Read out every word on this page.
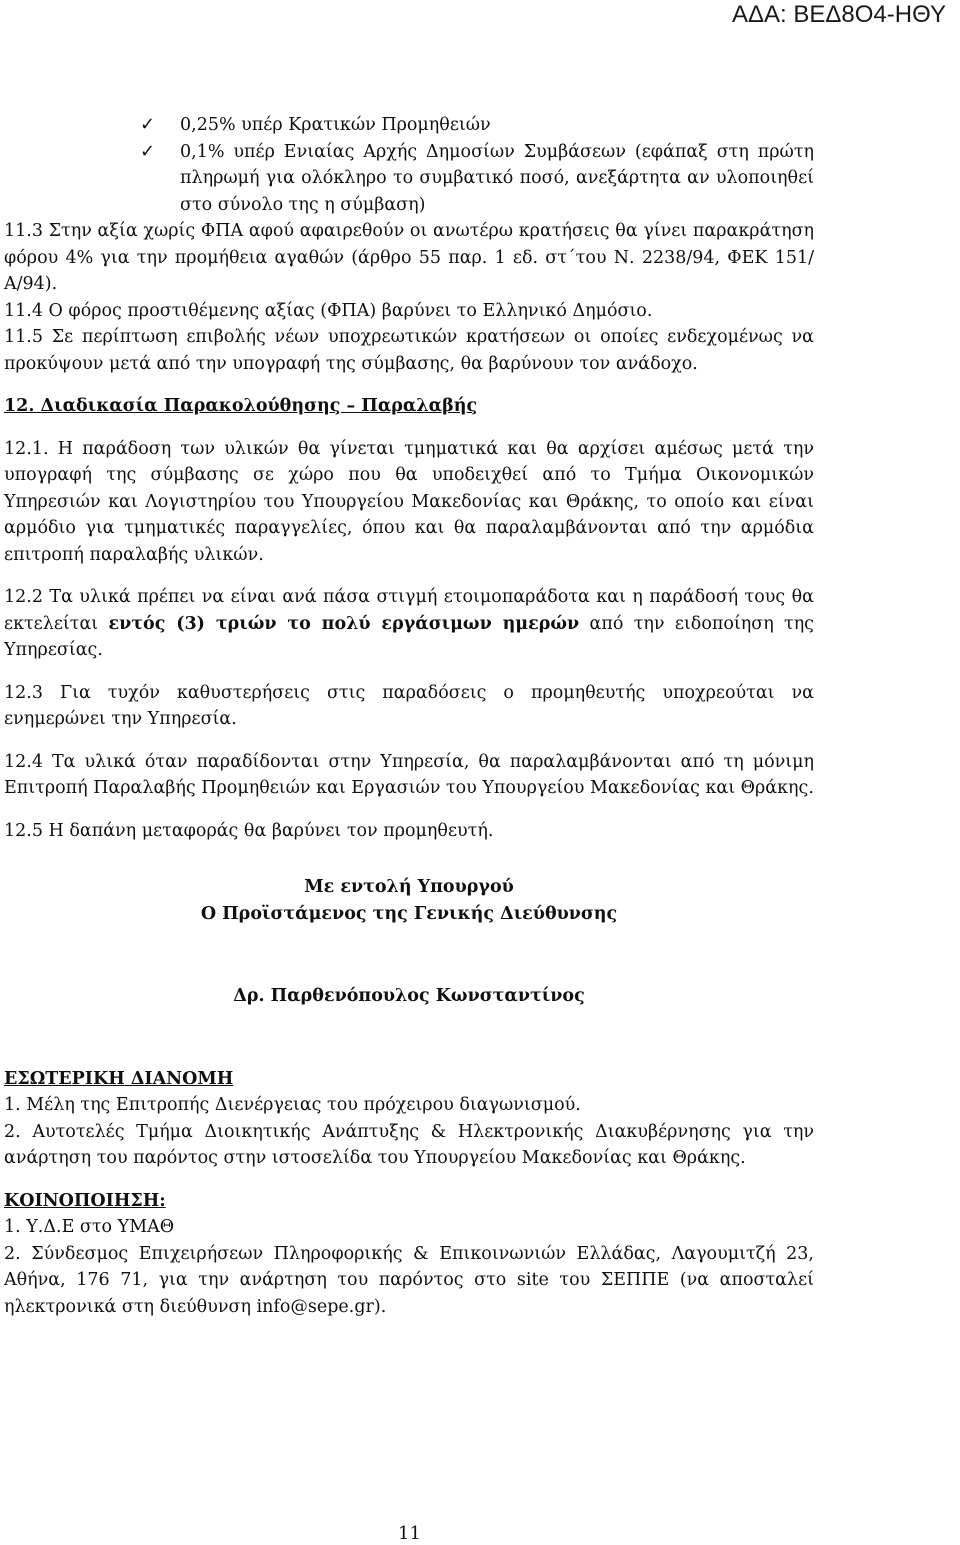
ΑΔΑ: ΒΕΔ8Ο4-ΗΘΥ
✓	0,25% υπέρ Κρατικών Προμηθειών
✓	0,1% υπέρ Ενιαίας Αρχής Δημοσίων Συμβάσεων (εφάπαξ στη πρώτη πληρωμή για ολόκληρο το συμβατικό ποσό, ανεξάρτητα αν υλοποιηθεί στο σύνολο της η σύμβαση)
11.3 Στην αξία χωρίς ΦΠΑ αφού αφαιρεθούν οι ανωτέρω κρατήσεις θα γίνει παρακράτηση φόρου 4% για την προμήθεια αγαθών (άρθρο 55 παρ. 1 εδ. στ΄του Ν. 2238/94, ΦΕΚ 151/Α/94).
11.4 Ο φόρος προστιθέμενης αξίας (ΦΠΑ) βαρύνει το Ελληνικό Δημόσιο.
11.5 Σε περίπτωση επιβολής νέων υποχρεωτικών κρατήσεων οι οποίες ενδεχομένως να προκύψουν μετά από την υπογραφή της σύμβασης, θα βαρύνουν τον ανάδοχο.
12. Διαδικασία Παρακολούθησης – Παραλαβής
12.1. Η παράδοση των υλικών θα γίνεται τμηματικά και θα αρχίσει αμέσως μετά την υπογραφή της σύμβασης σε χώρο που θα υποδειχθεί από το Τμήμα Οικονομικών Υπηρεσιών και Λογιστηρίου του Υπουργείου Μακεδονίας και Θράκης, το οποίο και είναι αρμόδιο για τμηματικές παραγγελίες, όπου και θα παραλαμβάνονται από την αρμόδια επιτροπή παραλαβής υλικών.
12.2 Τα υλικά πρέπει να είναι ανά πάσα στιγμή ετοιμοπαράδοτα και η παράδοσή τους θα εκτελείται εντός (3) τριών το πολύ εργάσιμων ημερών από την ειδοποίηση της Υπηρεσίας.
12.3 Για τυχόν καθυστερήσεις στις παραδόσεις ο προμηθευτής υποχρεούται να ενημερώνει την Υπηρεσία.
12.4 Τα υλικά όταν παραδίδονται στην Υπηρεσία, θα παραλαμβάνονται από τη μόνιμη Επιτροπή Παραλαβής Προμηθειών και Εργασιών του Υπουργείου Μακεδονίας και Θράκης.
12.5 Η δαπάνη μεταφοράς θα βαρύνει τον προμηθευτή.
Με εντολή Υπουργού
Ο Προϊστάμενος της Γενικής Διεύθυνσης
Δρ. Παρθενόπουλος Κωνσταντίνος
ΕΣΩΤΕΡΙΚΗ ΔΙΑΝΟΜΗ
1. Μέλη της Επιτροπής Διενέργειας του πρόχειρου διαγωνισμού.
2. Αυτοτελές Τμήμα Διοικητικής Ανάπτυξης & Ηλεκτρονικής Διακυβέρνησης για την ανάρτηση του παρόντος στην ιστοσελίδα του Υπουργείου Μακεδονίας και Θράκης.
ΚΟΙΝΟΠΟΙΗΣΗ:
1. Υ.Δ.Ε στο ΥΜΑΘ
2. Σύνδεσμος Επιχειρήσεων Πληροφορικής & Επικοινωνιών Ελλάδας, Λαγουμιτζή 23, Αθήνα, 176 71, για την ανάρτηση του παρόντος στο site του ΣΕΠΠΕ (να αποσταλεί ηλεκτρονικά στη διεύθυνση info@sepe.gr).
11
